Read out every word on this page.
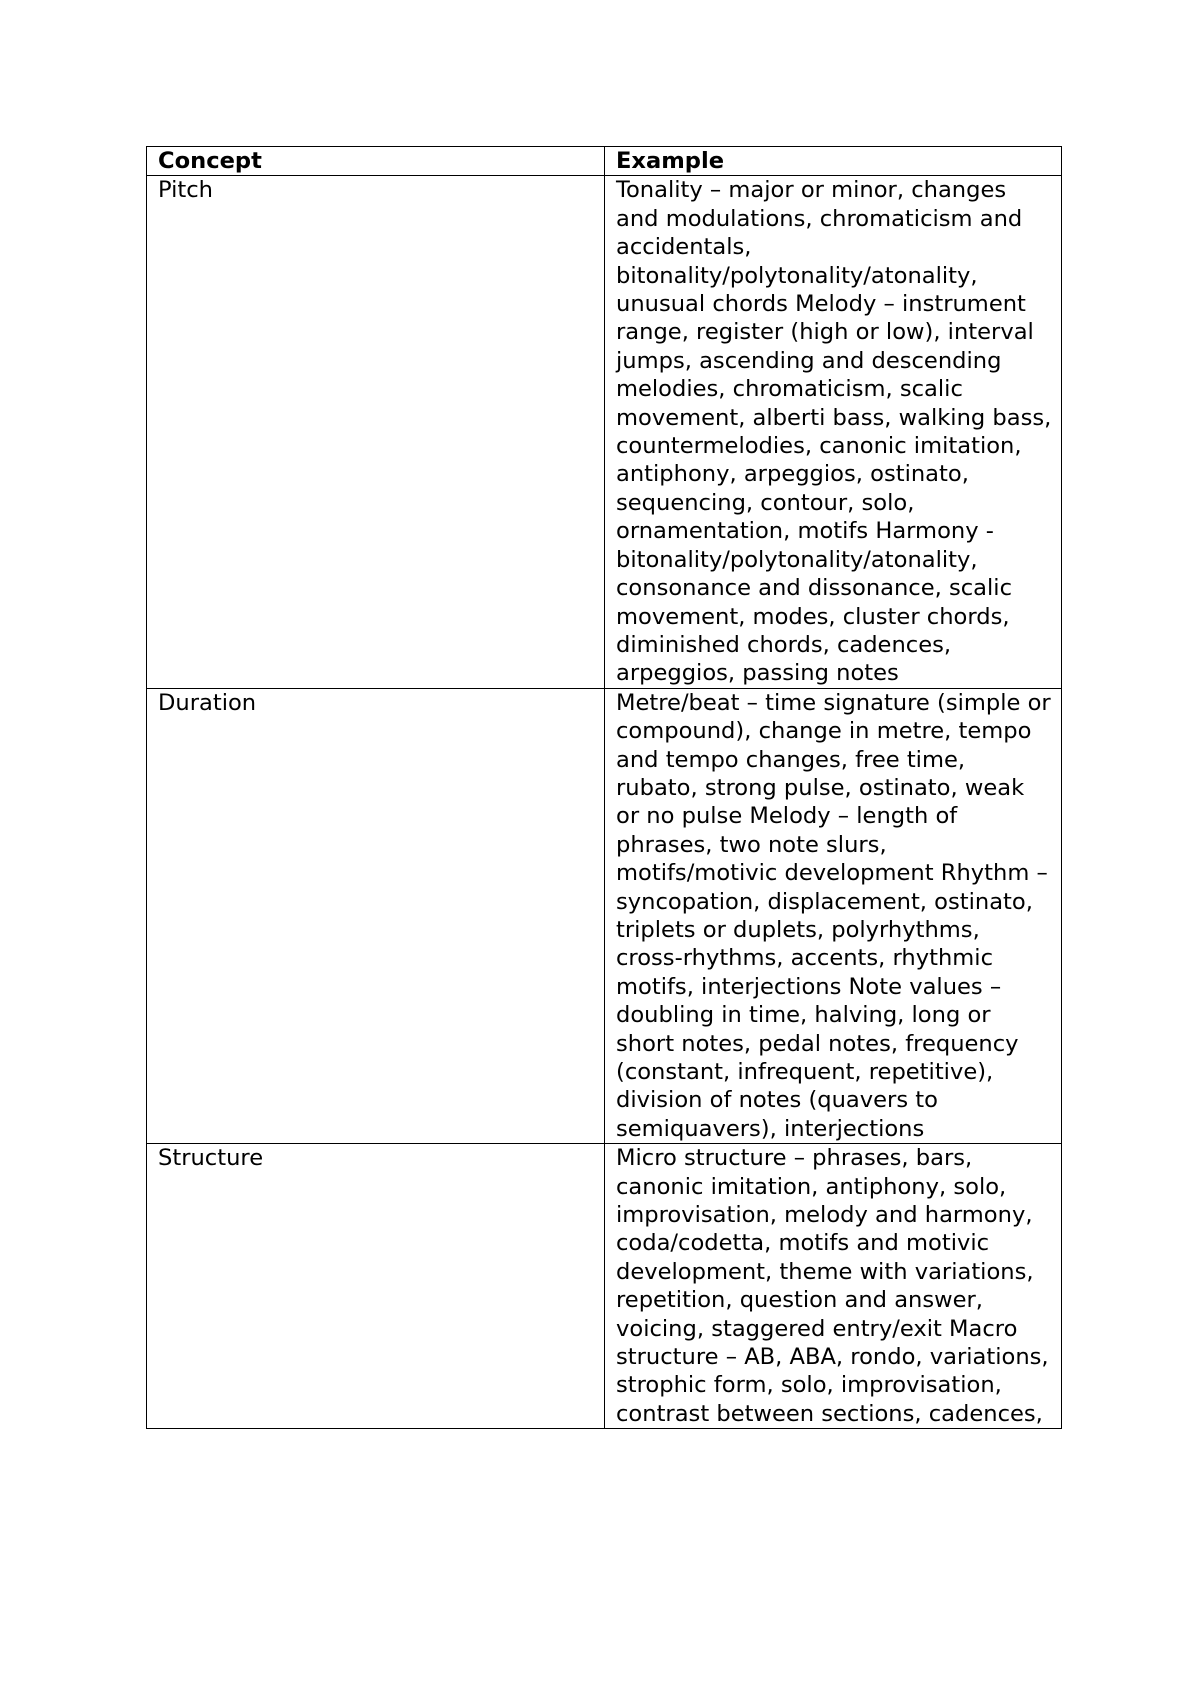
Concept	Example
Pitch	Tonality – major or minor, changes and modulations, chromaticism and accidentals, bitonality/polytonality/atonality, unusual chords Melody – instrument range, register (high or low), interval jumps, ascending and descending melodies, chromaticism, scalic movement, alberti bass, walking bass, countermelodies, canonic imitation, antiphony, arpeggios, ostinato, sequencing, contour, solo, ornamentation, motifs Harmony - bitonality/polytonality/atonality, consonance and dissonance, scalic movement, modes, cluster chords, diminished chords, cadences, arpeggios, passing notes
Duration	Metre/beat – time signature (simple or compound), change in metre, tempo and tempo changes, free time, rubato, strong pulse, ostinato, weak or no pulse Melody – length of phrases, two note slurs, motifs/motivic development Rhythm – syncopation, displacement, ostinato, triplets or duplets, polyrhythms, cross-rhythms, accents, rhythmic motifs, interjections Note values – doubling in time, halving, long or short notes, pedal notes, frequency (constant, infrequent, repetitive), division of notes (quavers to semiquavers), interjections
Structure	Micro structure – phrases, bars, canonic imitation, antiphony, solo, improvisation, melody and harmony, coda/codetta, motifs and motivic development, theme with variations, repetition, question and answer, voicing, staggered entry/exit Macro structure – AB, ABA, rondo, variations, strophic form, solo, improvisation, contrast between sections, cadences,
